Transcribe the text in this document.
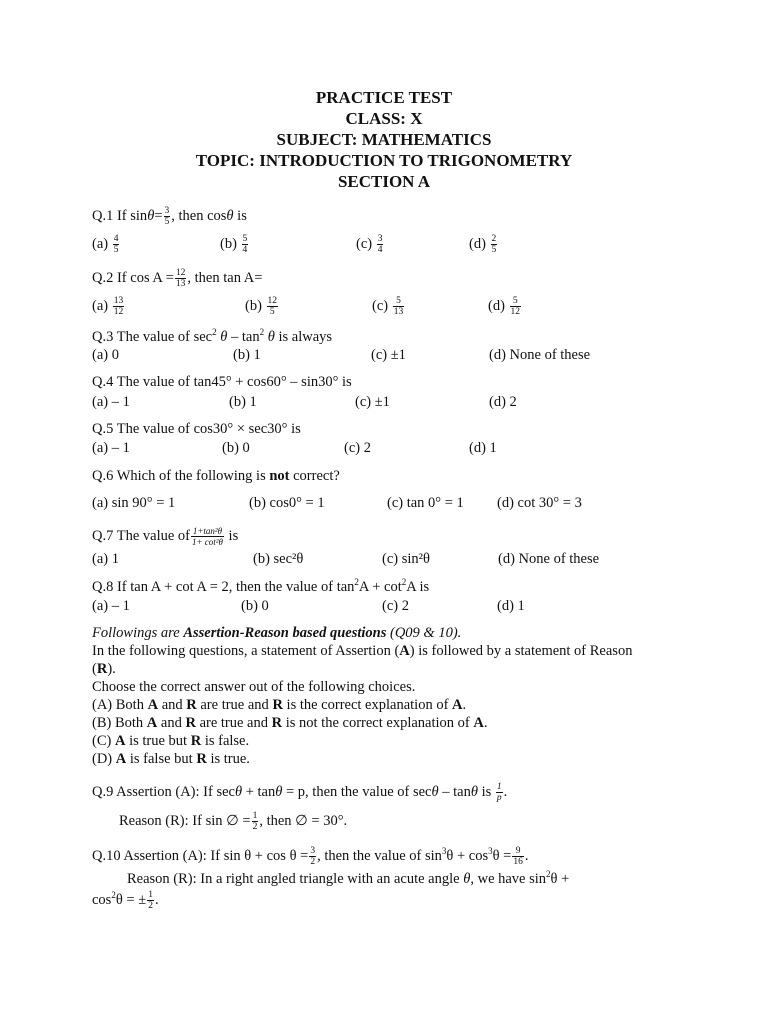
PRACTICE TEST
CLASS: X
SUBJECT: MATHEMATICS
TOPIC: INTRODUCTION TO TRIGONOMETRY
SECTION A
Q.1 If $\sin\theta= \frac{3}{5}$ , then cosθ is
$(a) \frac{4}{5}$	$(b) \frac{5}{4}$	$(c) \frac{3}{4}$	$(d) \frac{2}{5}$
Q.2 If $\cos A = \frac{12}{13}$ , then tan A=
$(a) \frac{13}{12}$	$(b) \frac{12}{5}$	$(c) \frac{5}{13}$	$(d) \frac{5}{12}$
Q.3 The value of $\sec^2 \theta - \tan^2 \theta$ is always
(a) 0	(b) 1	(c) ±1	(d) None of these
Q.4 The value of tan45° + cos60° – sin30° is
(a) – 1	(b) 1	(c) ±1	(d) 2
Q.5 The value of cos30° × sec30° is
(a) – 1	(b) 0	(c) 2	(d) 1
Q.6 Which of the following is not correct?
(a) sin 90° = 1	(b) cos0° = 1	(c) tan 0° = 1 (d) cot 30° = 3
Q.7 The value of $\frac{\text{1+tan²θ}}{\text{1+ cot²θ}}$ is
(a) 1	(b) sec²θ	(c) sin²θ	(d) None of these
Q.8 If tan A + cot A = 2, then the value of $\tan^2A + \cot^2A$ is
(a) – 1	(b) 0	(c) 2	(d) 1
Followings are Assertion-Reason based questions (Q09 & 10).
In the following questions, a statement of Assertion (A) is followed by a statement of Reason
(R).
Choose the correct answer out of the following choices.
(A) Both A and R are true and R is the correct explanation of A.
(B) Both A and R are true and R is not the correct explanation of A.
(C) A is true but R is false.
(D) A is false but R is true.
Q.9 Assertion (A): If secθ + tanθ = p, then the value of secθ – tanθ is $\frac{1}{p}$ .
Reason (R): If sin ∅ = $\frac{1}{2}$ , then ∅ = 30°.
Q.10 Assertion (A): If $\sin \theta + \cos \theta = \frac{3}{2}$ , then the value of $\sin^3\theta + \cos^3\theta = \frac{9}{16}$ .
Reason (R): In a right angled triangle with an acute angle θ, we have $\sin^2\theta$ +
$\cos^2\theta$ = ± $\frac{1}{2}$ .
